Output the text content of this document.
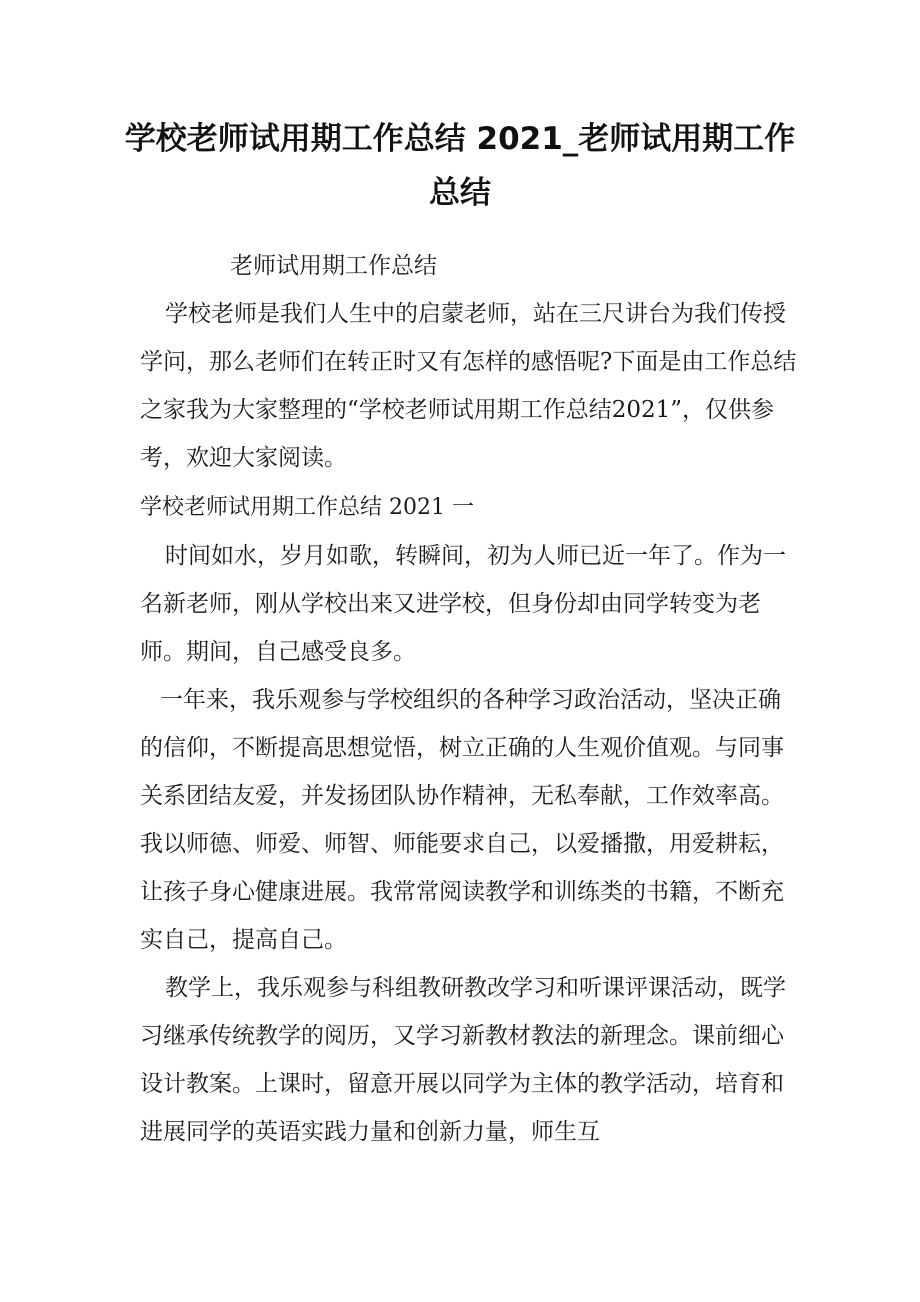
学校老师试用期工作总结 2021_老师试用期工作总结

老师试用期工作总结

学校老师是我们人生中的启蒙老师，站在三尺讲台为我们传授学问，那么老师们在转正时又有怎样的感悟呢?下面是由工作总结之家我为大家整理的“学校老师试用期工作总结2021”，仅供参考，欢迎大家阅读。

学校老师试用期工作总结 2021 一

时间如水，岁月如歌，转瞬间，初为人师已近一年了。作为一名新老师，刚从学校出来又进学校，但身份却由同学转变为老师。期间，自己感受良多。

一年来，我乐观参与学校组织的各种学习政治活动，坚决正确的信仰，不断提高思想觉悟，树立正确的人生观价值观。与同事关系团结友爱，并发扬团队协作精神，无私奉献，工作效率高。我以师德、师爱、师智、师能要求自己，以爱播撒，用爱耕耘，让孩子身心健康进展。我常常阅读教学和训练类的书籍，不断充实自己，提高自己。

教学上，我乐观参与科组教研教改学习和听课评课活动，既学习继承传统教学的阅历，又学习新教材教法的新理念。课前细心设计教案。上课时，留意开展以同学为主体的教学活动，培育和进展同学的英语实践力量和创新力量，师生互
